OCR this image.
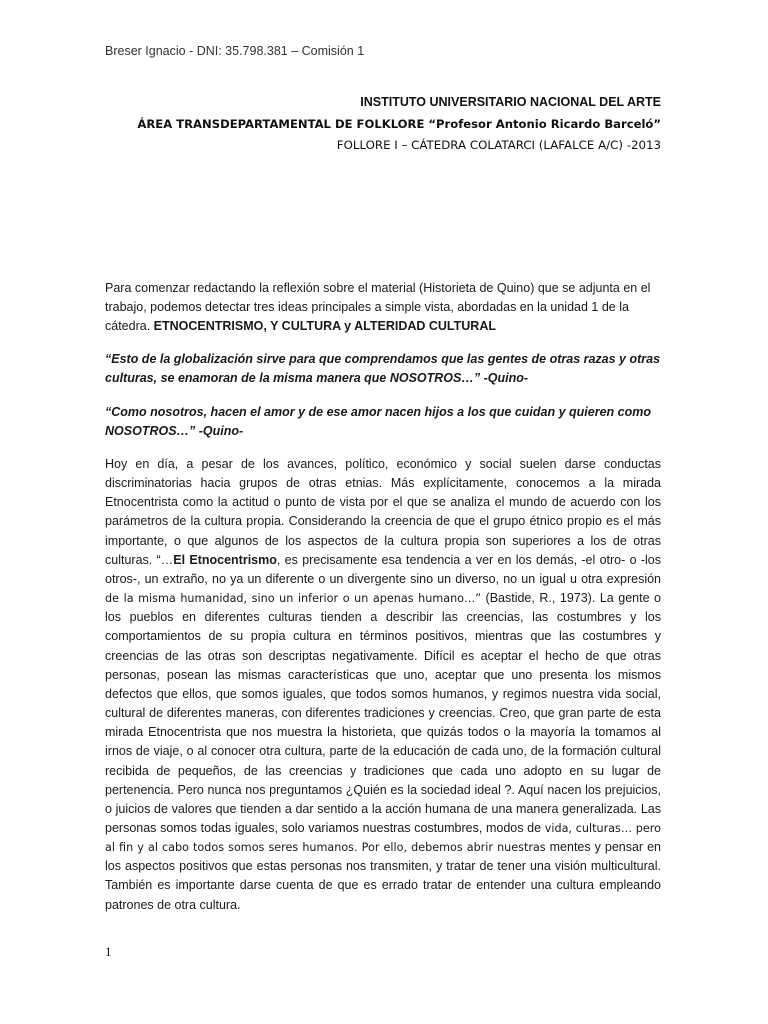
Breser Ignacio - DNI: 35.798.381 – Comisión 1
INSTITUTO UNIVERSITARIO NACIONAL DEL ARTE
ÁREA TRANSDEPARTAMENTAL DE FOLKLORE “Profesor Antonio Ricardo Barceló”
FOLLORE I – CÁTEDRA COLATARCI (LAFALCE A/C) -2013
Para comenzar redactando la reflexión sobre el material (Historieta de Quino) que se adjunta en el trabajo, podemos detectar tres ideas principales a simple vista, abordadas en la unidad 1 de la cátedra. ETNOCENTRISMO, Y CULTURA y ALTERIDAD CULTURAL

“Esto de la globalización sirve para que comprendamos que las gentes de otras razas y otras culturas, se enamoran de la misma manera que NOSOTROS…” -Quino-

“Como nosotros, hacen el amor y de ese amor nacen hijos a los que cuidan y quieren como NOSOTROS…” -Quino-

Hoy en día, a pesar de los avances, político, económico y social suelen darse conductas discriminatorias hacia grupos de otras etnias. Más explícitamente, conocemos a la mirada Etnocentrista como la actitud o punto de vista por el que se analiza el mundo de acuerdo con los parámetros de la cultura propia. Considerando la creencia de que el grupo étnico propio es el más importante, o que algunos de los aspectos de la cultura propia son superiores a los de otras culturas. “…El Etnocentrismo, es precisamente esa tendencia a ver en los demás, -el otro- o -los otros-, un extraño, no ya un diferente o un divergente sino un diverso, no un igual u otra expresión de la misma humanidad, sino un inferior o un apenas humano…” (Bastide, R., 1973). La gente o los pueblos en diferentes culturas tienden a describir las creencias, las costumbres y los comportamientos de su propia cultura en términos positivos, mientras que las costumbres y creencias de las otras son descriptas negativamente. Difícil es aceptar el hecho de que otras personas, posean las mismas características que uno, aceptar que uno presenta los mismos defectos que ellos, que somos iguales, que todos somos humanos, y regimos nuestra vida social, cultural de diferentes maneras, con diferentes tradiciones y creencias. Creo, que gran parte de esta mirada Etnocentrista que nos muestra la historieta, que quizás todos o la mayoría la tomamos al irnos de viaje, o al conocer otra cultura, parte de la educación de cada uno, de la formación cultural recibida de pequeños, de las creencias y tradiciones que cada uno adopto en su lugar de pertenencia. Pero nunca nos preguntamos ¿Quién es la sociedad ideal ?. Aquí nacen los prejuicios, o juicios de valores que tienden a dar sentido a la acción humana de una manera generalizada. Las personas somos todas iguales, solo variamos nuestras costumbres, modos de vida, culturas… pero al fin y al cabo todos somos seres humanos. Por ello, debemos abrir nuestras mentes y pensar en los aspectos positivos que estas personas nos transmiten, y tratar de tener una visión multicultural. También es importante darse cuenta de que es errado tratar de entender una cultura empleando patrones de otra cultura.
1
